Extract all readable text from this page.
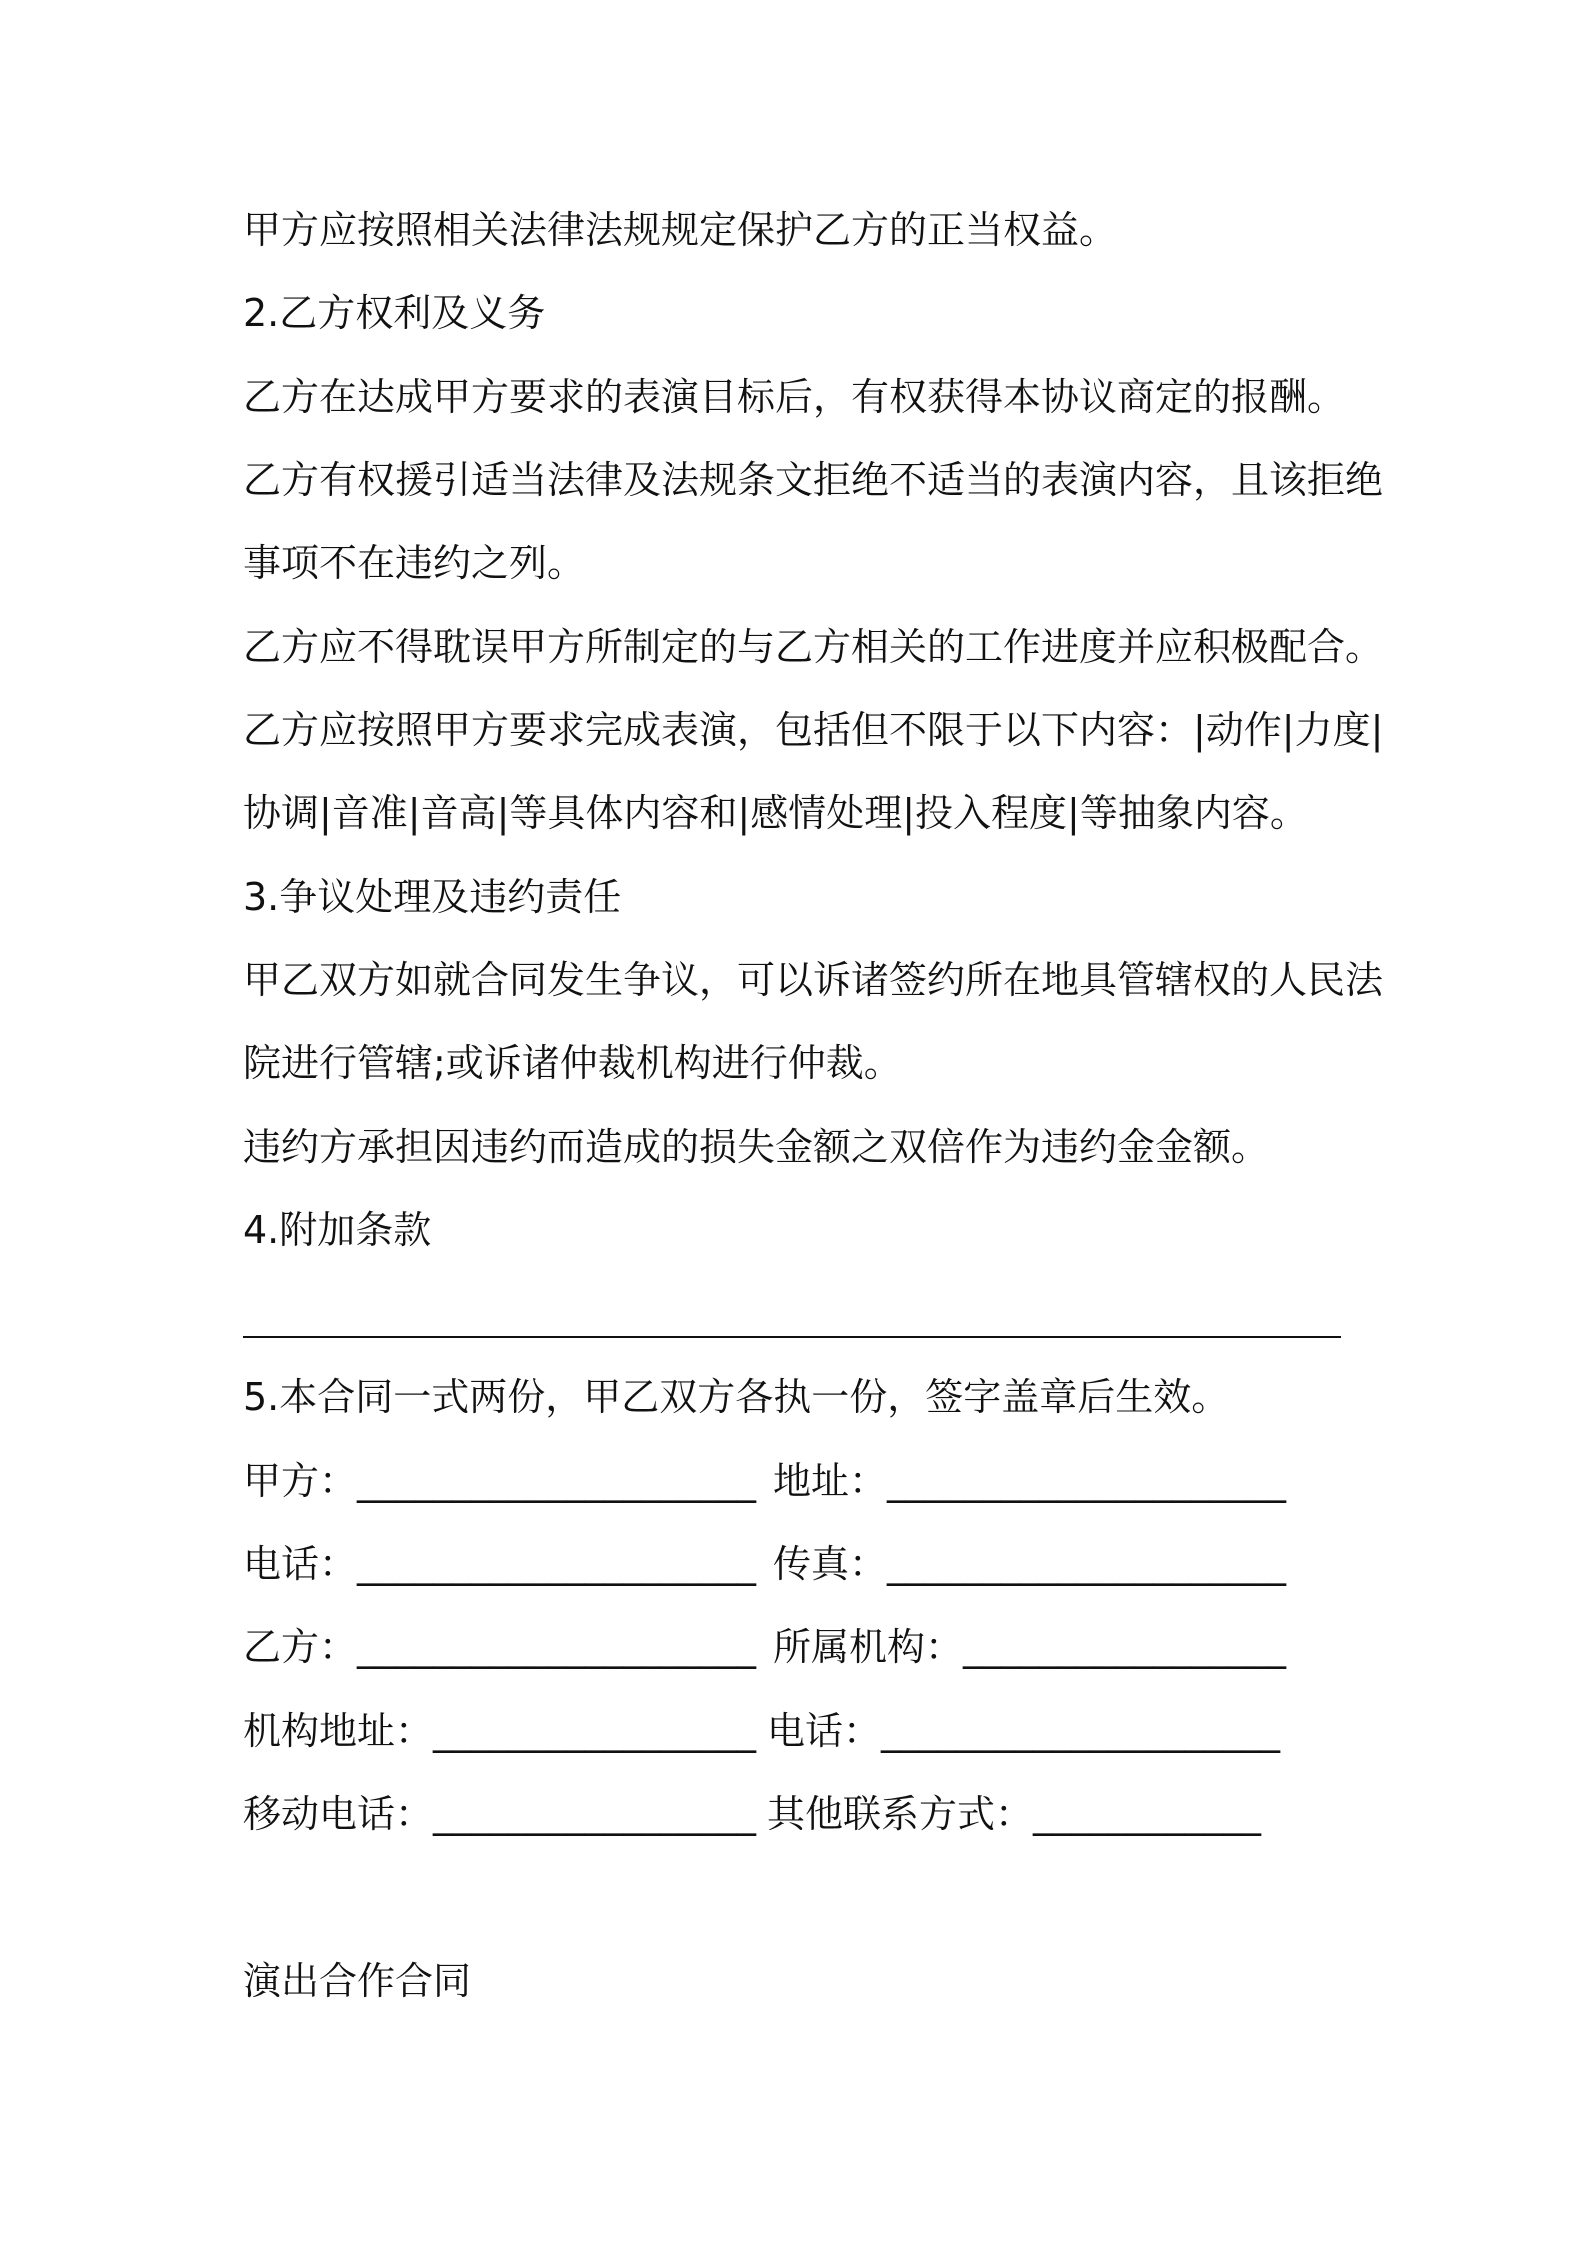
甲方应按照相关法律法规规定保护乙方的正当权益。
2.乙方权利及义务
乙方在达成甲方要求的表演目标后，有权获得本协议商定的报酬。
乙方有权援引适当法律及法规条文拒绝不适当的表演内容，且该拒绝
事项不在违约之列。
乙方应不得耽误甲方所制定的与乙方相关的工作进度并应积极配合。
乙方应按照甲方要求完成表演，包括但不限于以下内容：|动作|力度|
协调|音准|音高|等具体内容和|感情处理|投入程度|等抽象内容。
3.争议处理及违约责任
甲乙双方如就合同发生争议，可以诉诸签约所在地具管辖权的人民法
院进行管辖;或诉诸仲裁机构进行仲裁。
违约方承担因违约而造成的损失金额之双倍作为违约金金额。
4.附加条款
5.本合同一式两份，甲乙双方各执一份，签字盖章后生效。
甲方：_____________________ 地址：_____________________
电话：_____________________ 传真：_____________________
乙方：_____________________ 所属机构：_________________
机构地址：_________________ 电话：_____________________
移动电话：_________________ 其他联系方式：____________
演出合作合同
